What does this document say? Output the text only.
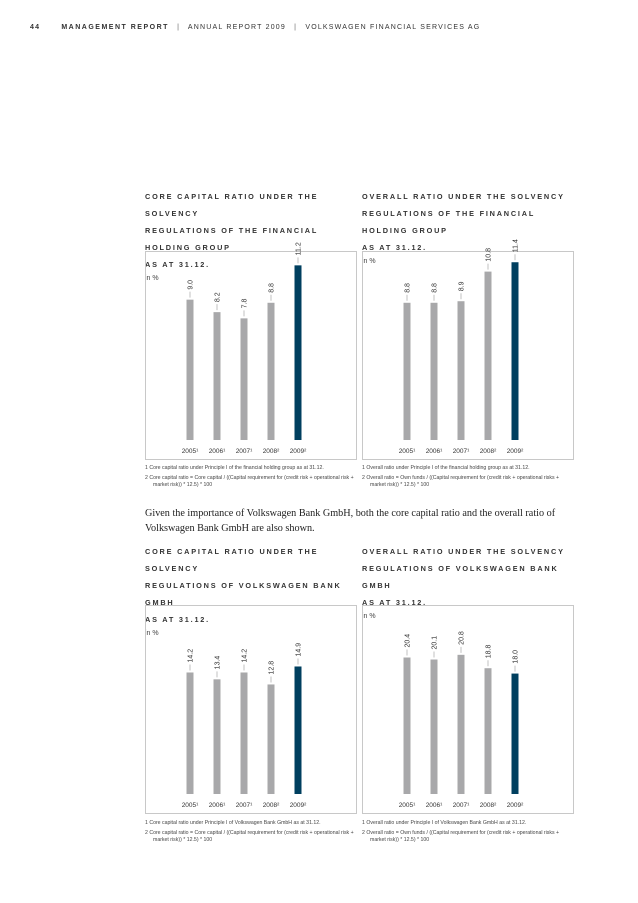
44	MANAGEMENT REPORT | ANNUAL REPORT 2009 | VOLKSWAGEN FINANCIAL SERVICES AG

CORE CAPITAL RATIO UNDER THE SOLVENCY

REGULATIONS OF THE FINANCIAL HOLDING GROUP

AS AT 31.12.

in %
9.0
2005¹
8.2
2006¹
7.8
2007¹
8.8
2008²
11.2
2009²
1 Core capital ratio under Principle I of the financial holding group as at 31.12.
2 Core capital ratio = Core capital / ((Capital requirement for (credit risk + operational risk + market risk)) * 12.5) * 100

OVERALL RATIO UNDER THE SOLVENCY

REGULATIONS OF THE FINANCIAL HOLDING GROUP

AS AT 31.12.

in %
8.8
2005¹
8.8
2006¹
8.9
2007¹
10.8
2008²
11.4
2009²
1 Overall ratio under Principle I of the financial holding group as at 31.12.
2 Overall ratio = Own funds / ((Capital requirement for (credit risk + operational risks + market risk)) * 12.5) * 100
Given the importance of Volkswagen Bank GmbH, both the core capital ratio and the overall ratio of Volkswagen Bank GmbH are also shown.

CORE CAPITAL RATIO UNDER THE SOLVENCY

REGULATIONS OF VOLKSWAGEN BANK GMBH

AS AT 31.12.

in %
14.2
2005¹
13.4
2006¹
14.2
2007¹
12.8
2008²
14.9
2009²
1 Core capital ratio under Principle I of Volkswagen Bank GmbH as at 31.12.
2 Core capital ratio = Core capital / ((Capital requirement for (credit risk + operational risk + market risk)) * 12.5) * 100

OVERALL RATIO UNDER THE SOLVENCY

REGULATIONS OF VOLKSWAGEN BANK GMBH

AS AT 31.12.

in %
20.4
2005¹
20.1
2006¹
20.8
2007¹
18.8
2008²
18.0
2009²
1 Overall ratio under Principle I of Volkswagen Bank GmbH as at 31.12.
2 Overall ratio = Own funds / ((Capital requirement for (credit risk + operational risks + market risk)) * 12.5) * 100
